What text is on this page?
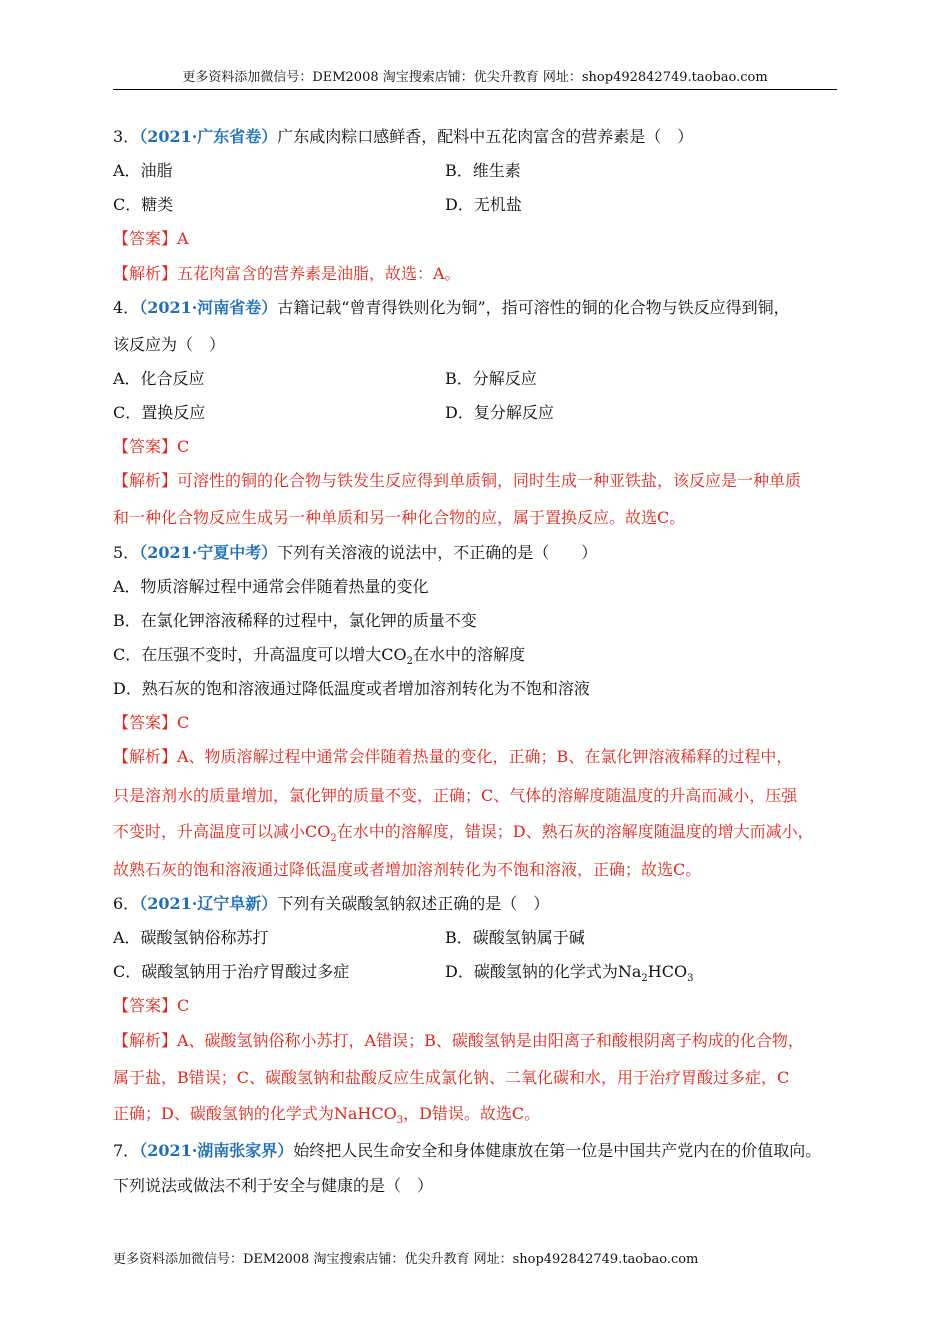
更多资料添加微信号：DEM2008 淘宝搜索店铺：优尖升教育 网址：shop492842749.taobao.com
3．（2021·广东省卷）广东咸肉粽口感鲜香，配料中五花肉富含的营养素是（　）
A．油脂	B．维生素
C．糖类	D．无机盐
【答案】A
【解析】五花肉富含的营养素是油脂，故选：A。
4．（2021·河南省卷）古籍记载“曾青得铁则化为铜”，指可溶性的铜的化合物与铁反应得到铜，
该反应为（　）
A．化合反应	B．分解反应
C．置换反应	D．复分解反应
【答案】C
【解析】可溶性的铜的化合物与铁发生反应得到单质铜，同时生成一种亚铁盐，该反应是一种单质
和一种化合物反应生成另一种单质和另一种化合物的应，属于置换反应。故选C。
5．（2021·宁夏中考）下列有关溶液的说法中，不正确的是（　　）
A．物质溶解过程中通常会伴随着热量的变化
B．在氯化钾溶液稀释的过程中，氯化钾的质量不变
C．在压强不变时，升高温度可以增大$CO_2$在水中的溶解度
D．熟石灰的饱和溶液通过降低温度或者增加溶剂转化为不饱和溶液
【答案】C
【解析】A、物质溶解过程中通常会伴随着热量的变化，正确；B、在氯化钾溶液稀释的过程中，
只是溶剂水的质量增加，氯化钾的质量不变，正确；C、气体的溶解度随温度的升高而减小，压强
不变时，升高温度可以减小$CO_2$在水中的溶解度，错误；D、熟石灰的溶解度随温度的增大而减小，
故熟石灰的饱和溶液通过降低温度或者增加溶剂转化为不饱和溶液，正确；故选C。
6．（2021·辽宁阜新）下列有关碳酸氢钠叙述正确的是（　）
A．碳酸氢钠俗称苏打	B．碳酸氢钠属于碱
C．碳酸氢钠用于治疗胃酸过多症	D．碳酸氢钠的化学式为$Na_2HCO_3$
【答案】C
【解析】A、碳酸氢钠俗称小苏打，A错误；B、碳酸氢钠是由阳离子和酸根阴离子构成的化合物，
属于盐，B错误；C、碳酸氢钠和盐酸反应生成氯化钠、二氧化碳和水，用于治疗胃酸过多症，C
正确；D、碳酸氢钠的化学式为NaHCO$_3$，D错误。故选C。
7．（2021·湖南张家界）始终把人民生命安全和身体健康放在第一位是中国共产党内在的价值取向。
下列说法或做法不利于安全与健康的是（　）
更多资料添加微信号：DEM2008 淘宝搜索店铺：优尖升教育 网址：shop492842749.taobao.com
